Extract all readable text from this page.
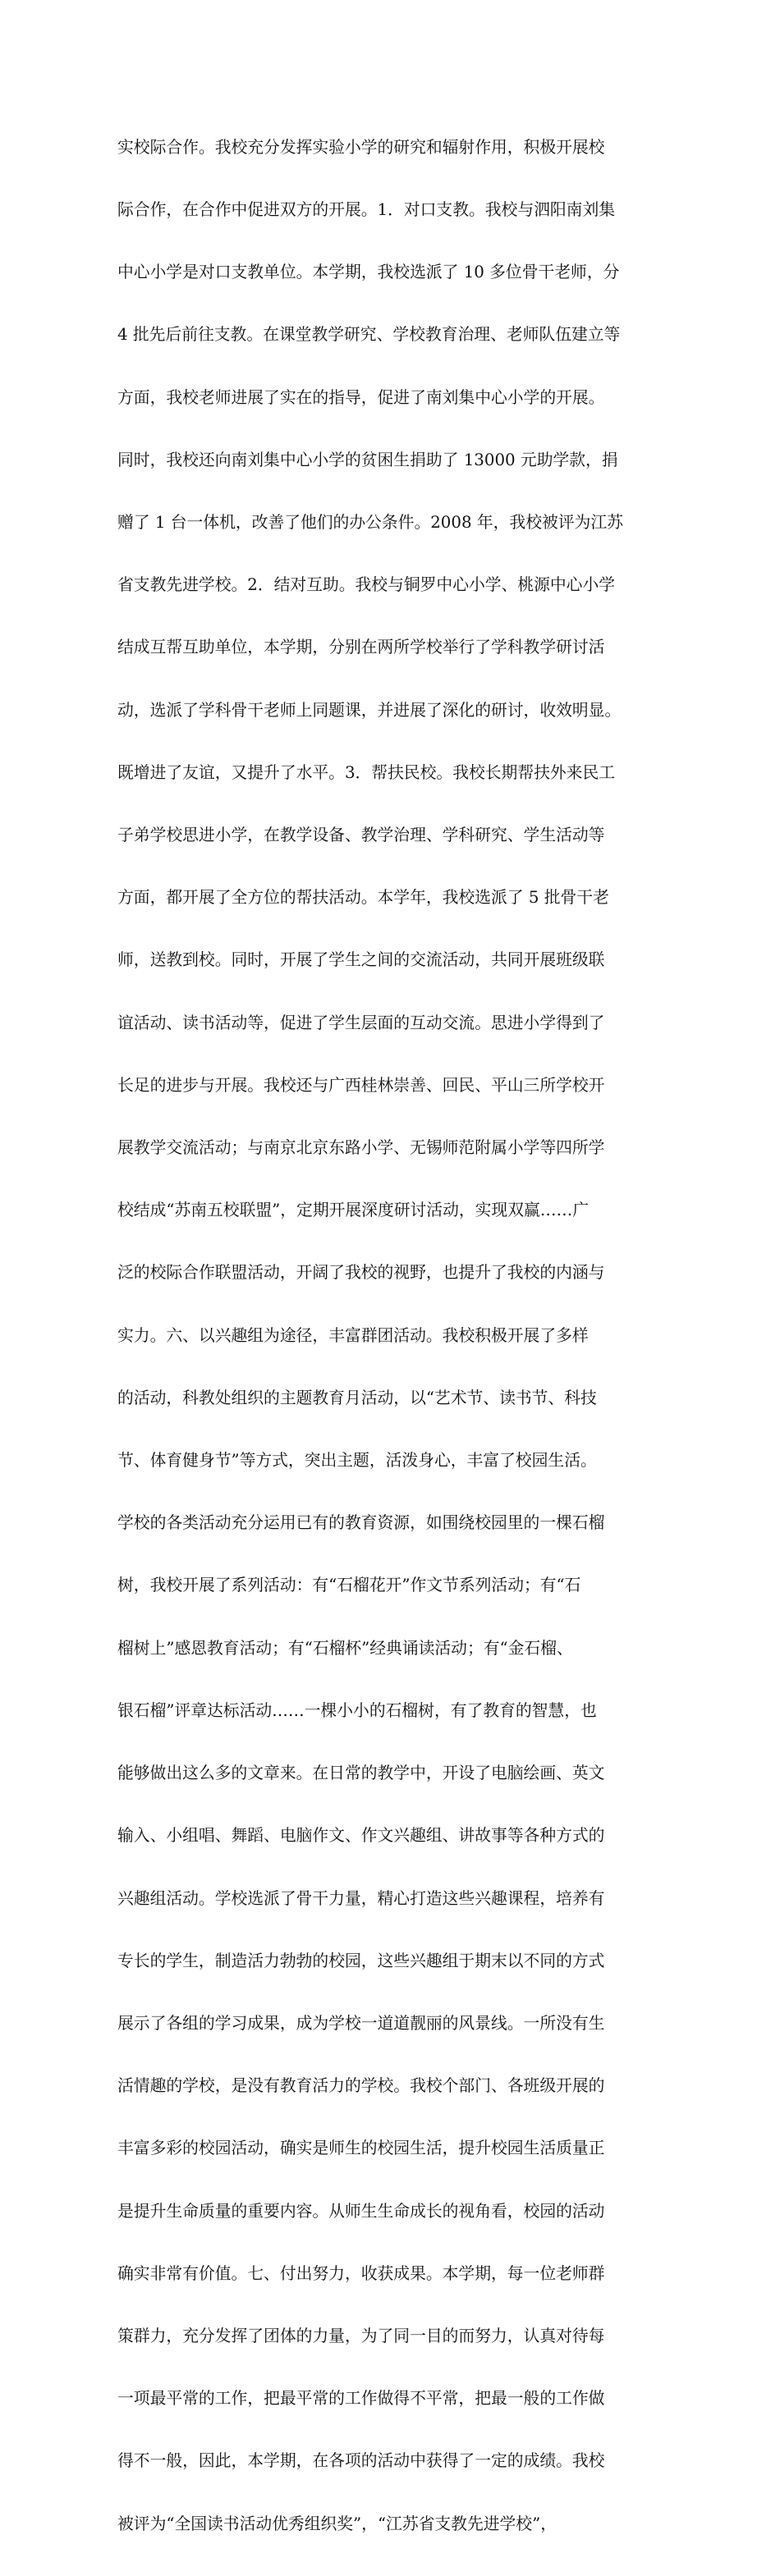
实校际合作。我校充分发挥实验小学的研究和辐射作用，积极开展校

际合作，在合作中促进双方的开展。1．对口支教。我校与泗阳南刘集

中心小学是对口支教单位。本学期，我校选派了 10 多位骨干老师，分

4 批先后前往支教。在课堂教学研究、学校教育治理、老师队伍建立等

方面，我校老师进展了实在的指导，促进了南刘集中心小学的开展。

同时，我校还向南刘集中心小学的贫困生捐助了 13000 元助学款，捐

赠了 1 台一体机，改善了他们的办公条件。2008 年，我校被评为江苏

省支教先进学校。2．结对互助。我校与铜罗中心小学、桃源中心小学

结成互帮互助单位，本学期，分别在两所学校举行了学科教学研讨活

动，选派了学科骨干老师上同题课，并进展了深化的研讨，收效明显。

既增进了友谊，又提升了水平。3．帮扶民校。我校长期帮扶外来民工

子弟学校思进小学，在教学设备、教学治理、学科研究、学生活动等

方面，都开展了全方位的帮扶活动。本学年，我校选派了 5 批骨干老

师，送教到校。同时，开展了学生之间的交流活动，共同开展班级联

谊活动、读书活动等，促进了学生层面的互动交流。思进小学得到了

长足的进步与开展。我校还与广西桂林崇善、回民、平山三所学校开

展教学交流活动；与南京北京东路小学、无锡师范附属小学等四所学

校结成“苏南五校联盟”，定期开展深度研讨活动，实现双赢……广

泛的校际合作联盟活动，开阔了我校的视野，也提升了我校的内涵与

实力。六、以兴趣组为途径，丰富群团活动。我校积极开展了多样

的活动，科教处组织的主题教育月活动，以“艺术节、读书节、科技

节、体育健身节”等方式，突出主题，活泼身心，丰富了校园生活。

学校的各类活动充分运用已有的教育资源，如围绕校园里的一棵石榴

树，我校开展了系列活动：有“石榴花开”作文节系列活动；有“石

榴树上”感恩教育活动；有“石榴杯”经典诵读活动；有“金石榴、

银石榴”评章达标活动……一棵小小的石榴树，有了教育的智慧，也

能够做出这么多的文章来。在日常的教学中，开设了电脑绘画、英文

输入、小组唱、舞蹈、电脑作文、作文兴趣组、讲故事等各种方式的

兴趣组活动。学校选派了骨干力量，精心打造这些兴趣课程，培养有

专长的学生，制造活力勃勃的校园，这些兴趣组于期末以不同的方式

展示了各组的学习成果，成为学校一道道靓丽的风景线。一所没有生

活情趣的学校，是没有教育活力的学校。我校个部门、各班级开展的

丰富多彩的校园活动，确实是师生的校园生活，提升校园生活质量正

是提升生命质量的重要内容。从师生生命成长的视角看，校园的活动

确实非常有价值。七、付出努力，收获成果。本学期，每一位老师群

策群力，充分发挥了团体的力量，为了同一目的而努力，认真对待每

一项最平常的工作，把最平常的工作做得不平常，把最一般的工作做

得不一般，因此，本学期，在各项的活动中获得了一定的成绩。我校

被评为“全国读书活动优秀组织奖”，“江苏省支教先进学校”，
